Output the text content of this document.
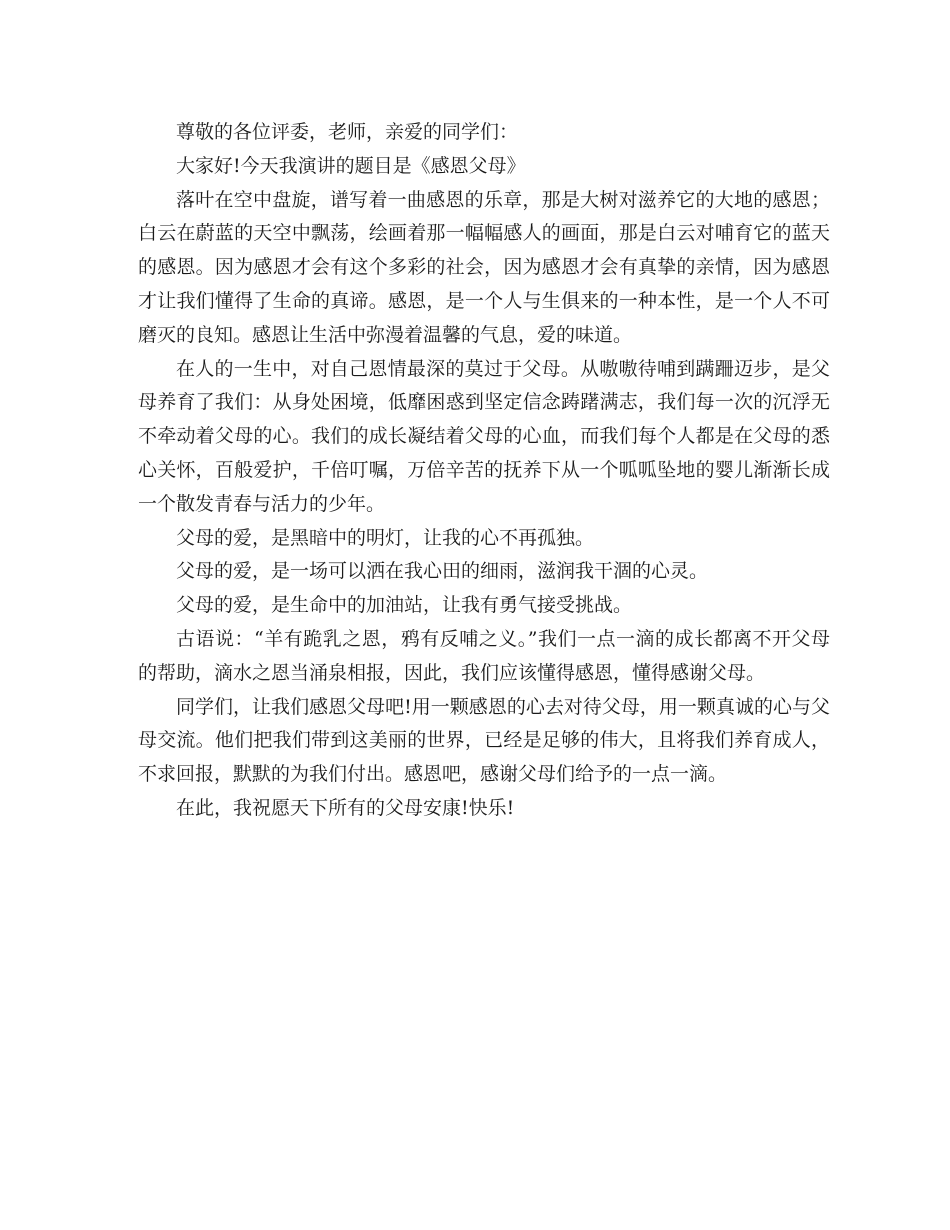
尊敬的各位评委，老师，亲爱的同学们：

大家好!今天我演讲的题目是《感恩父母》

落叶在空中盘旋，谱写着一曲感恩的乐章，那是大树对滋养它的大地的感恩；白云在蔚蓝的天空中飘荡，绘画着那一幅幅感人的画面，那是白云对哺育它的蓝天的感恩。因为感恩才会有这个多彩的社会，因为感恩才会有真挚的亲情，因为感恩才让我们懂得了生命的真谛。感恩，是一个人与生俱来的一种本性，是一个人不可磨灭的良知。感恩让生活中弥漫着温馨的气息，爱的味道。

在人的一生中，对自己恩情最深的莫过于父母。从嗷嗷待哺到蹒跚迈步，是父母养育了我们：从身处困境，低靡困惑到坚定信念踌躇满志，我们每一次的沉浮无不牵动着父母的心。我们的成长凝结着父母的心血，而我们每个人都是在父母的悉心关怀，百般爱护，千倍叮嘱，万倍辛苦的抚养下从一个呱呱坠地的婴儿渐渐长成一个散发青春与活力的少年。

父母的爱，是黑暗中的明灯，让我的心不再孤独。

父母的爱，是一场可以洒在我心田的细雨，滋润我干涸的心灵。

父母的爱，是生命中的加油站，让我有勇气接受挑战。

古语说：“羊有跪乳之恩，鸦有反哺之义。”我们一点一滴的成长都离不开父母的帮助，滴水之恩当涌泉相报，因此，我们应该懂得感恩，懂得感谢父母。

同学们，让我们感恩父母吧!用一颗感恩的心去对待父母，用一颗真诚的心与父母交流。他们把我们带到这美丽的世界，已经是足够的伟大，且将我们养育成人，不求回报，默默的为我们付出。感恩吧，感谢父母们给予的一点一滴。

在此，我祝愿天下所有的父母安康!快乐!
